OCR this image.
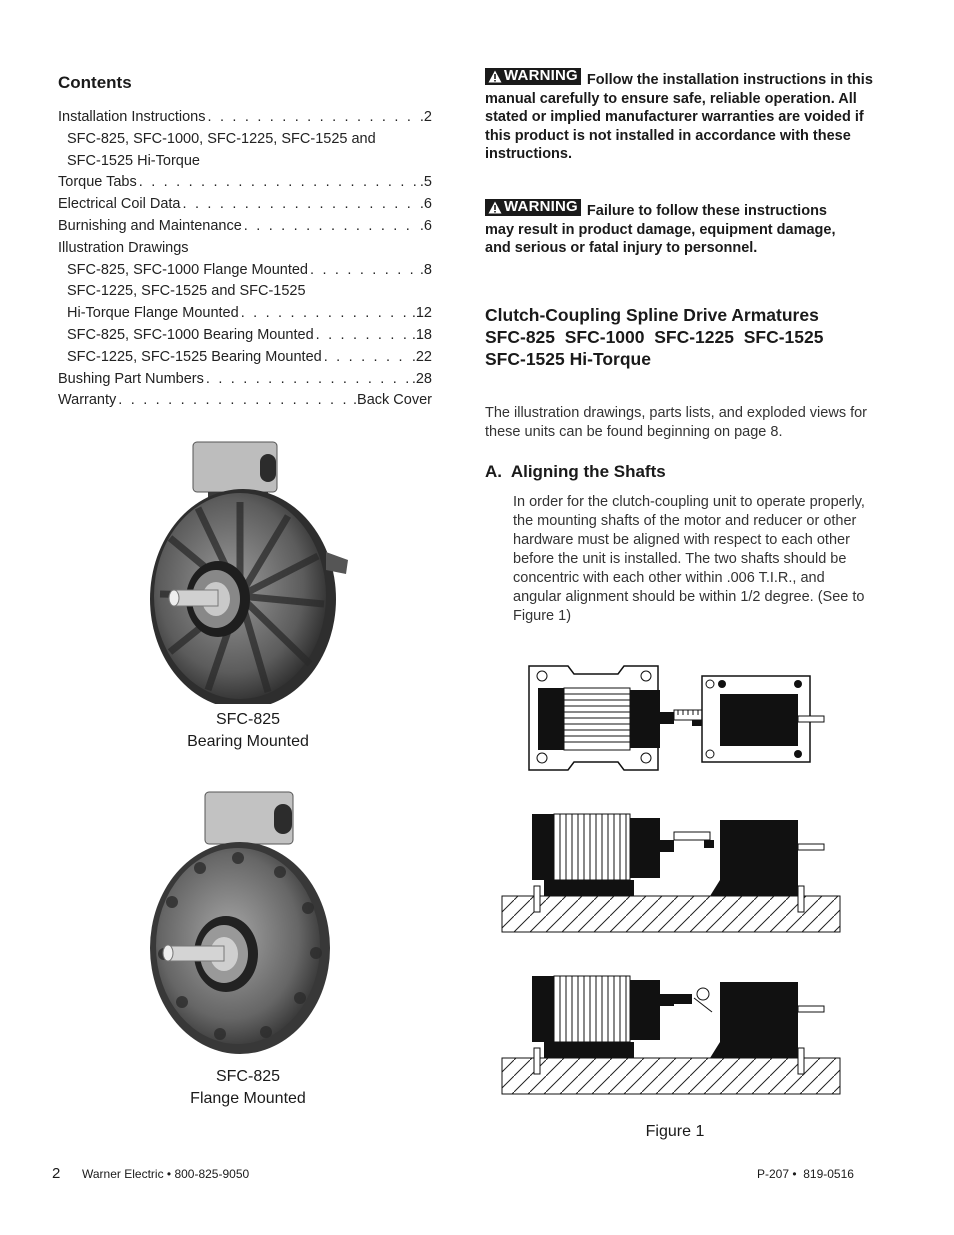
Contents
Installation Instructions . . .	.2
SFC-825, SFC-1000, SFC-1225, SFC-1525 and
SFC-1525 Hi-Torque
Torque Tabs . . .	.5
Electrical Coil Data . . .	.6
Burnishing and Maintenance . . .	.6
Illustration Drawings
SFC-825, SFC-1000 Flange Mounted . . .	.8
SFC-1225, SFC-1525 and SFC-1525
Hi-Torque Flange Mounted . . .	.12
SFC-825, SFC-1000 Bearing Mounted . . .	.18
SFC-1225, SFC-1525 Bearing Mounted . . .	.22
Bushing Part Numbers . . .	.28
Warranty . . .	.Back Cover
SFC-825
Bearing Mounted
SFC-825
Flange Mounted
WARNING Follow the installation instructions in this manual carefully to ensure safe, reliable operation. All stated or implied manufacturer warranties are voided if this product is not installed in accordance with these instructions.
WARNING Failure to follow these instructions may result in product damage, equipment damage, and serious or fatal injury to personnel.
Clutch-Coupling Spline Drive Armatures
SFC-825  SFC-1000  SFC-1225  SFC-1525
SFC-1525 Hi-Torque
The illustration drawings, parts lists, and exploded views for these units can be found beginning on page 8.
A.  Aligning the Shafts
In order for the clutch-coupling unit to operate properly, the mounting shafts of the motor and reducer or other hardware must be aligned with respect to each other before the unit is installed. The two shafts should be concentric with each other within .006 T.I.R., and angular alignment should be within 1/2 degree. (See to Figure 1)
Figure 1
2 Warner Electric • 800-825-9050	P-207 •  819-0516
